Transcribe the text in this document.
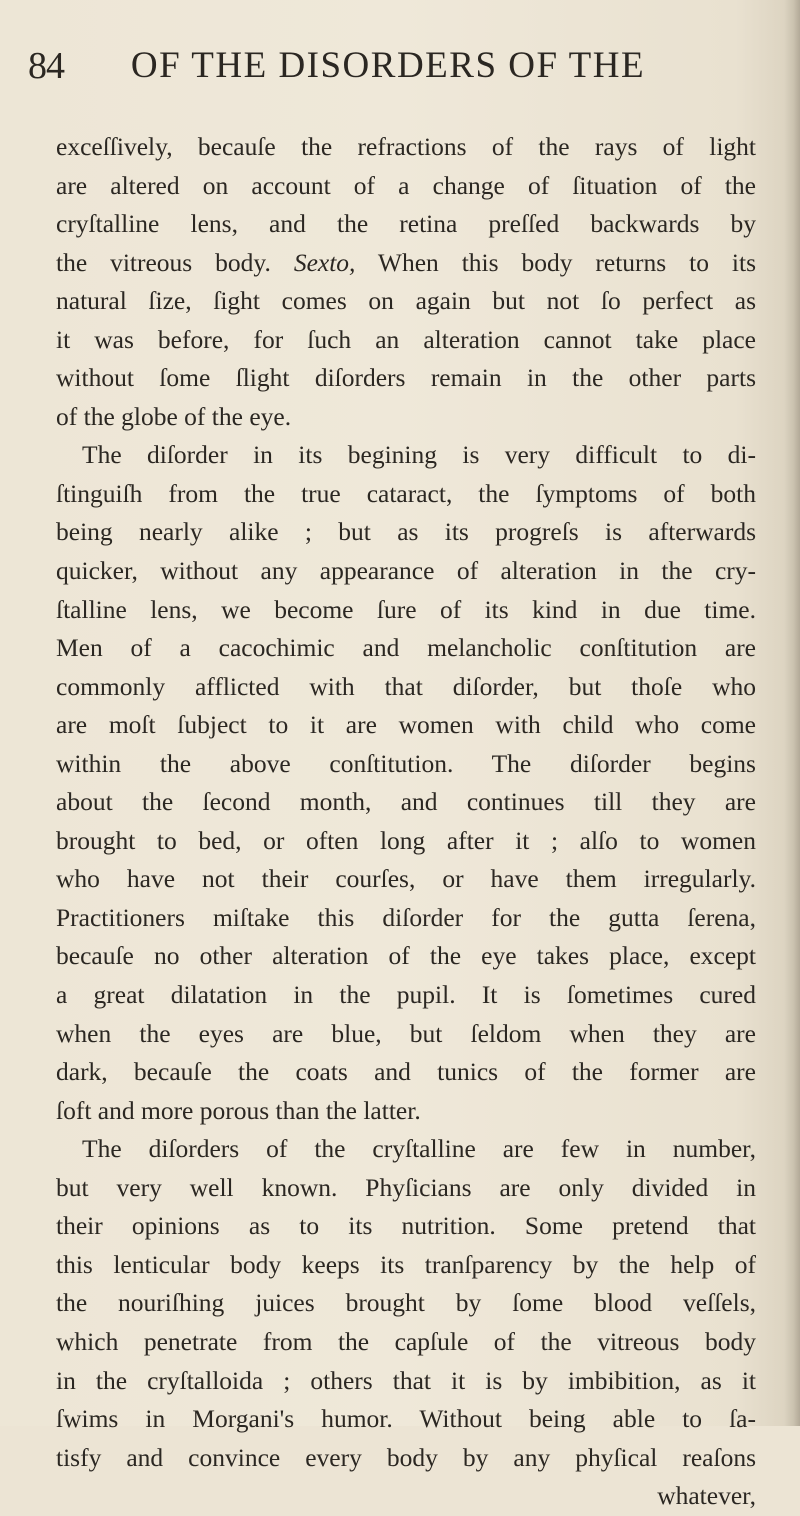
84	OF THE DISORDERS OF THE
exceſſively, becauſe the refractions of the rays of light
are altered on account of a change of ſituation of the
cryſtalline lens, and the retina preſſed backwards by
the vitreous body. Sexto, When this body returns to its
natural ſize, ſight comes on again but not ſo perfect as
it was before, for ſuch an alteration cannot take place
without ſome ſlight diſorders remain in the other parts
of the globe of the eye.
The diſorder in its begining is very difficult to di-
ſtinguiſh from the true cataract, the ſymptoms of both
being nearly alike ; but as its progreſs is afterwards
quicker, without any appearance of alteration in the cry-
ſtalline lens, we become ſure of its kind in due time.
Men of a cacochimic and melancholic conſtitution are
commonly afflicted with that diſorder, but thoſe who
are moſt ſubject to it are women with child who come
within the above conſtitution. The diſorder begins
about the ſecond month, and continues till they are
brought to bed, or often long after it ; alſo to women
who have not their courſes, or have them irregularly.
Practitioners miſtake this diſorder for the gutta ſerena,
becauſe no other alteration of the eye takes place, except
a great dilatation in the pupil. It is ſometimes cured
when the eyes are blue, but ſeldom when they are
dark, becauſe the coats and tunics of the former are
ſoft and more porous than the latter.
The diſorders of the cryſtalline are few in number,
but very well known. Phyſicians are only divided in
their opinions as to its nutrition. Some pretend that
this lenticular body keeps its tranſparency by the help of
the nouriſhing juices brought by ſome blood veſſels,
which penetrate from the capſule of the vitreous body
in the cryſtalloida ; others that it is by imbibition, as it
ſwims in Morgani's humor. Without being able to ſa-
tisfy and convince every body by any phyſical reaſons
whatever,
